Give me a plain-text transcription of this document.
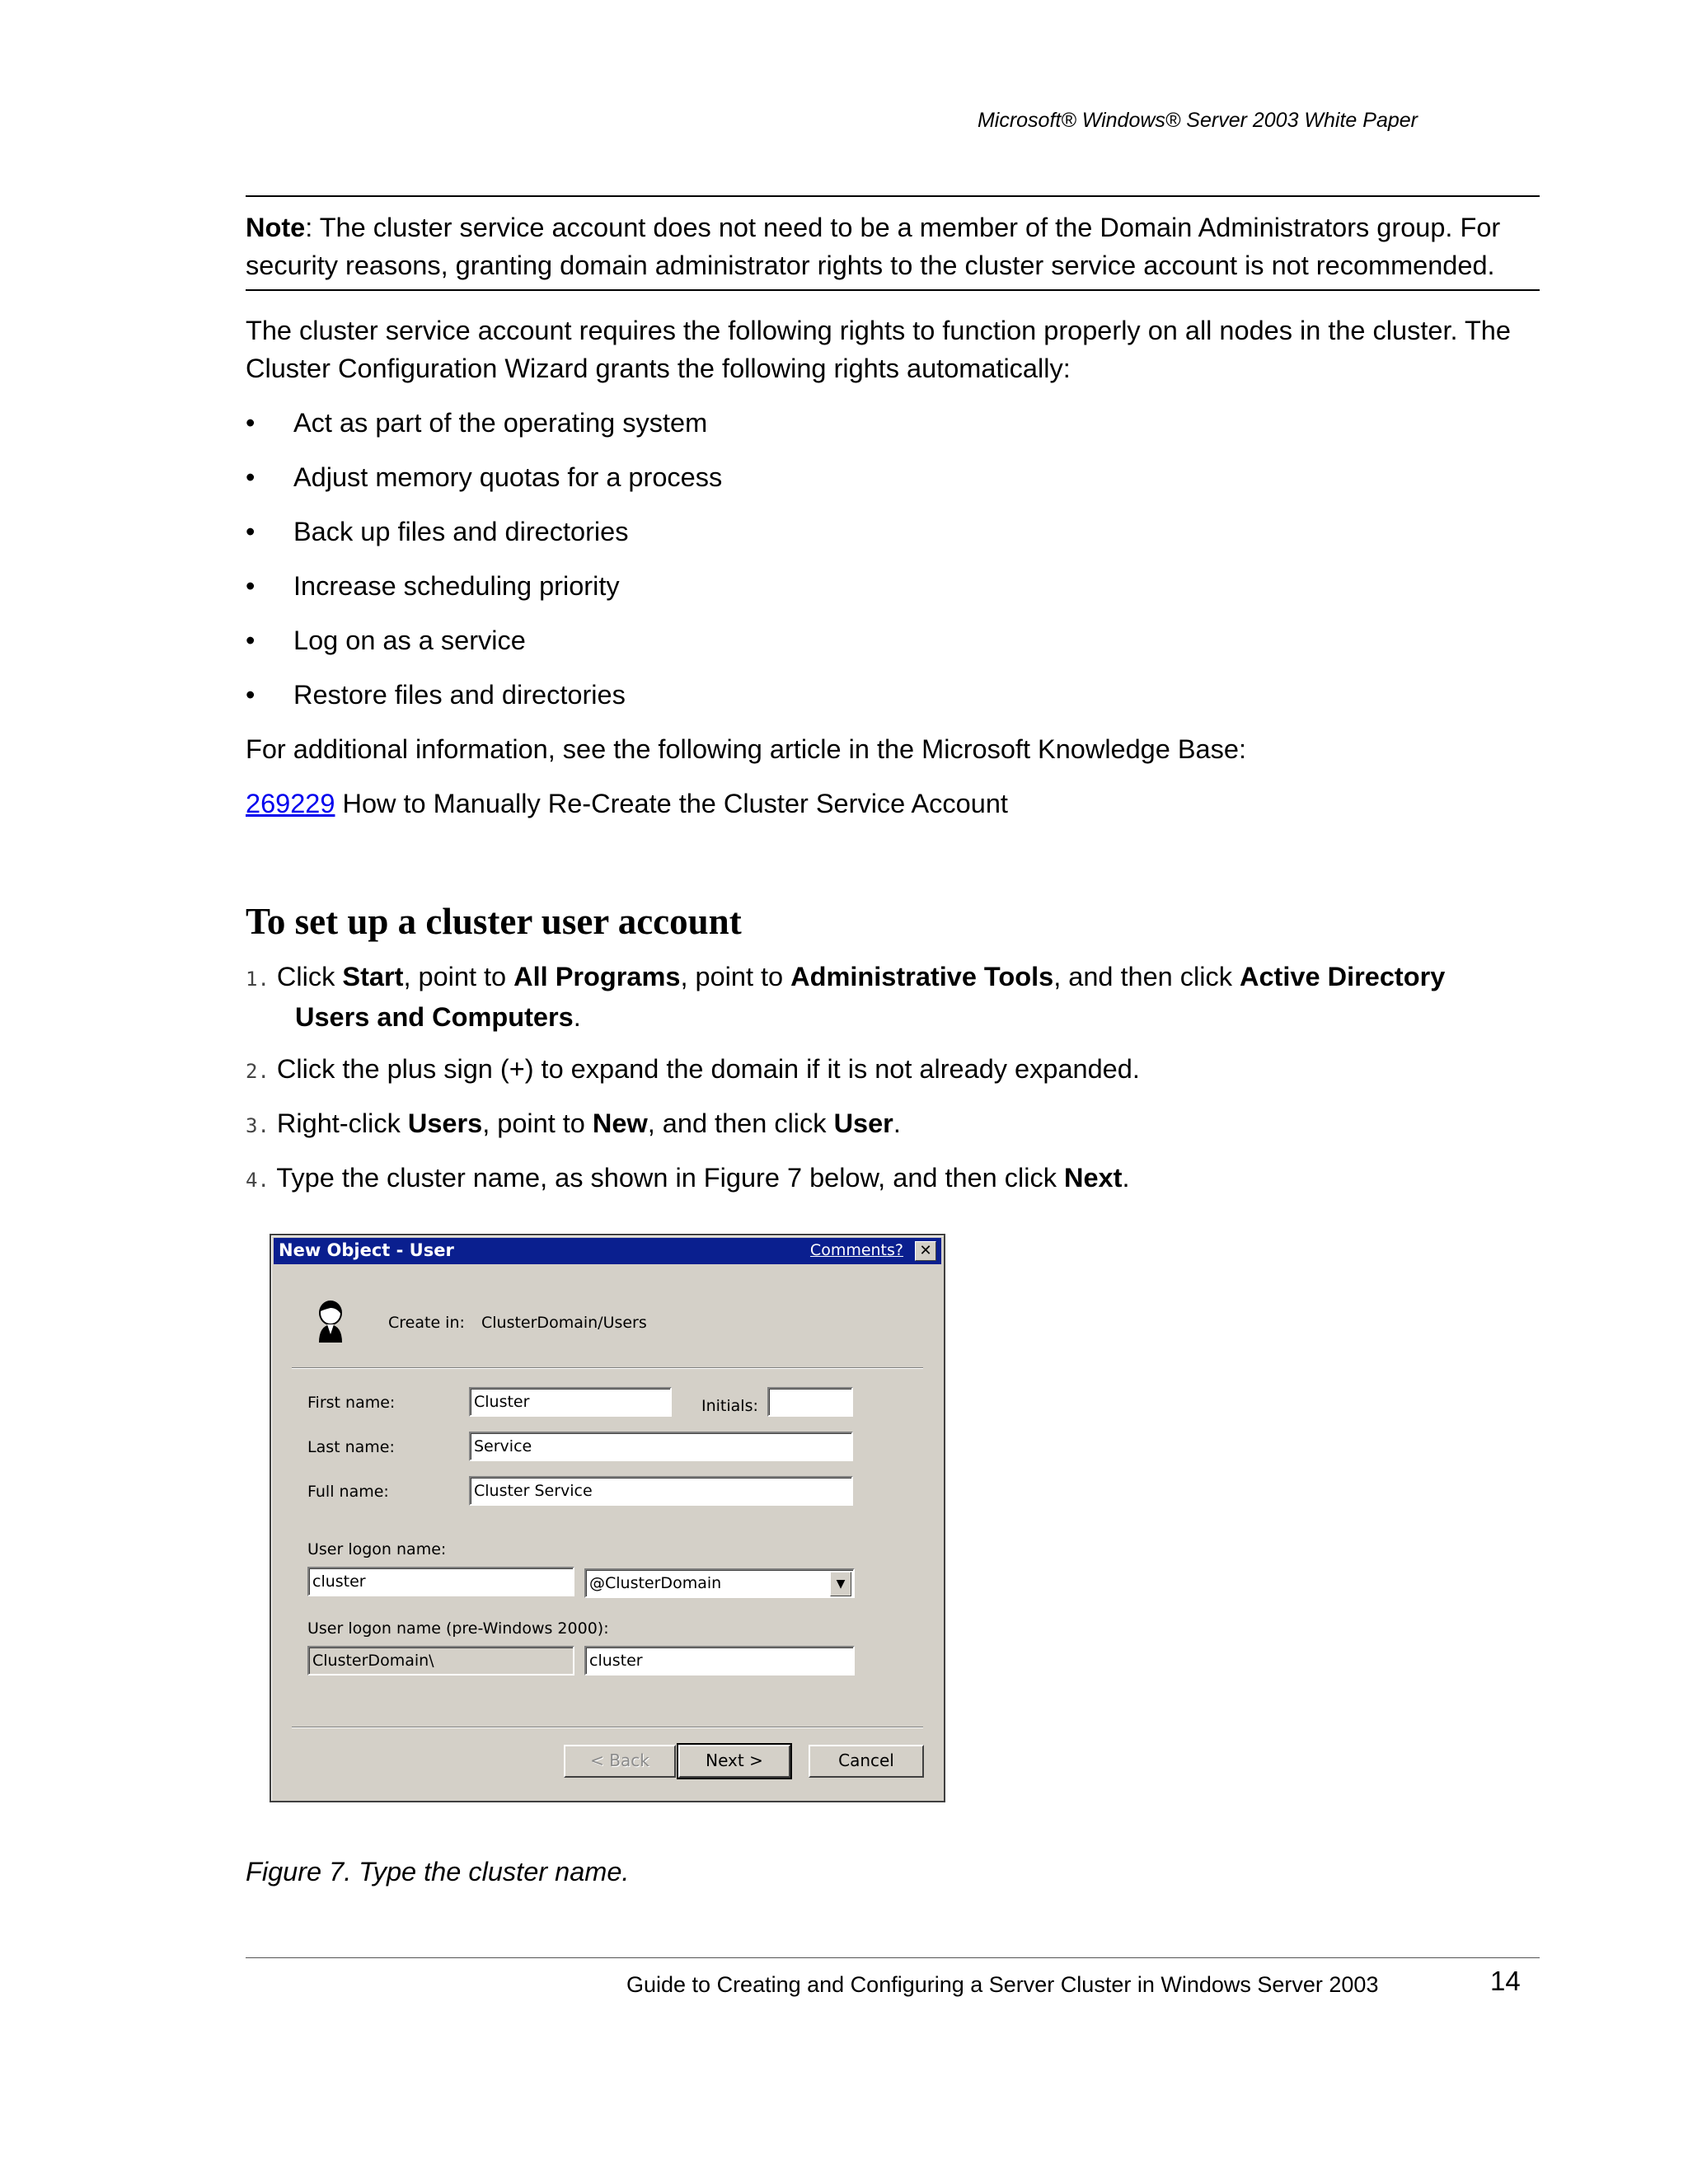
Microsoft® Windows® Server 2003 White Paper
Note: The cluster service account does not need to be a member of the Domain Administrators group. For security reasons, granting domain administrator rights to the cluster service account is not recommended.
The cluster service account requires the following rights to function properly on all nodes in the cluster. The Cluster Configuration Wizard grants the following rights automatically:
• Act as part of the operating system
• Adjust memory quotas for a process
• Back up files and directories
• Increase scheduling priority
• Log on as a service
• Restore files and directories
For additional information, see the following article in the Microsoft Knowledge Base:
269229 How to Manually Re-Create the Cluster Service Account
To set up a cluster user account
1. Click Start, point to All Programs, point to Administrative Tools, and then click Active Directory
Users and Computers.
2. Click the plus sign (+) to expand the domain if it is not already expanded.
3. Right-click Users, point to New, and then click User.
4. Type the cluster name, as shown in Figure 7 below, and then click Next.
New Object - User	Comments?	✕
Create in: ClusterDomain/Users
First name:	Cluster	Initials:
Last name:	Service
Full name:	Cluster Service
User logon name:
cluster	@ClusterDomain	▼
User logon name (pre-Windows 2000):
ClusterDomain\	cluster
< Back	Next >	Cancel
Figure 7. Type the cluster name.
Guide to Creating and Configuring a Server Cluster in Windows Server 2003	14
